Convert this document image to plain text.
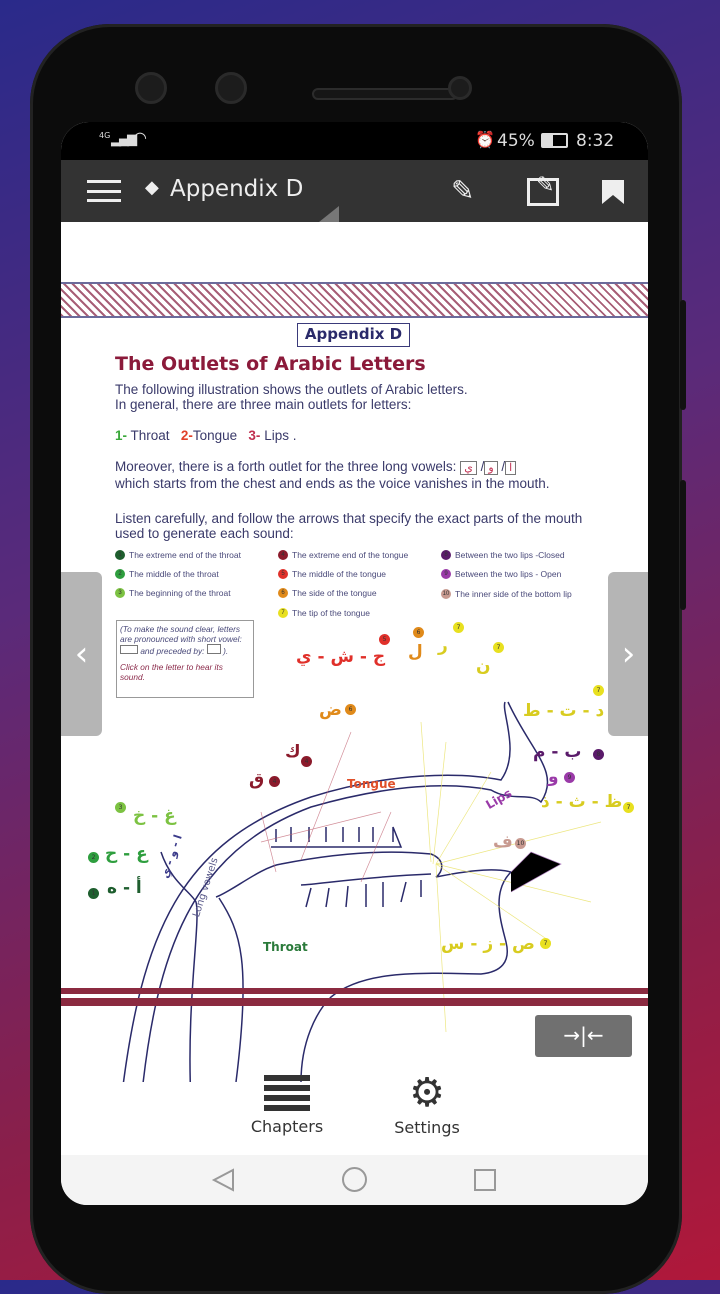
4G ▂▄▆
◠	⏰ 45% 8:32
◆ Appendix D	✎	✎
Appendix D
The Outlets of Arabic Letters
The following illustration shows the outlets of Arabic letters.
In general, there are three main outlets for letters:
1- Throat 2-Tongue 3- Lips .
Moreover, there is a forth outlet for the three long vowels:	ا/ و/ ي
which starts from the chest and ends as the voice vanishes in the mouth.
Listen carefully, and follow the arrows that specify the exact parts of the mouth used to generate each sound:
1 The extreme end of the throat
2 The middle of the throat
3 The beginning of the throat
4 The extreme end of the tongue
5 The middle of the tongue
6 The side of the tongue
7 The tip of the tongue
8 Between the two lips -Closed
9 Between the two lips - Open
10 The inner side of the bottom lip
(To make the sound clear, letters are pronounced with short vowel:  and preceded by: ).
Click on the letter to hear its sound.
ج - ش - ي
5
ل
6
ر
7
ن
7
ض	6
ك 4
ق	4
د - ت - ط
7
ب - م	8
و	9
ظ - ث - ذ 7
ف 10
ص - ز - س	7
غ - خ
3
ع - ح
2
أ - ه
1
Tongue
Lips
Throat
ا - و - ي Long vowels
‹	›
→|←
Chapters
⚙
Settings
